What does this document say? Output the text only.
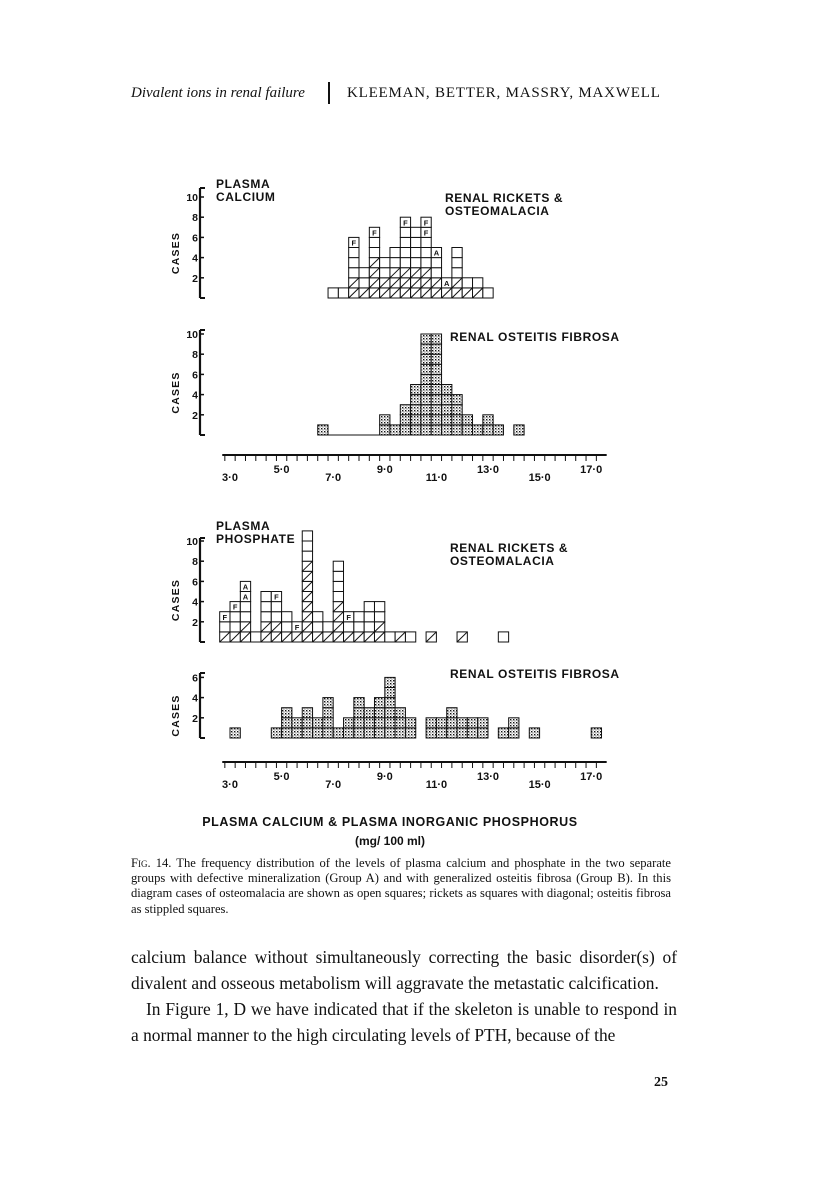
Divalent ions in renal failure	KLEEMAN, BETTER, MASSRY, MAXWELL
2
4
6
8
10
CASES
PLASMA CALCIUM	RENAL RICKETS & OSTEOMALACIA
F
F
F F
F
A
A
2
4
6
8
10
CASES
RENAL OSTEITIS FIBROSA
2
4
6
8
10
CASES
PLASMA PHOSPHATE
RENAL RICKETS & OSTEOMALACIA
F
F
A
A	F
F
F
2
4
6
CASES
RENAL OSTEITIS FIBROSA
3·0	7·0	11·0	15·0
5·0	9·0	13·0	17·0
3·0	7·0	11·0	15·0
5·0	9·0	13·0	17·0
PLASMA CALCIUM & PLASMA INORGANIC PHOSPHORUS
(mg/ 100 ml)
Fig. 14. The frequency distribution of the levels of plasma calcium and phosphate in the two separate groups with defective mineralization (Group A) and with generalized osteitis fibrosa (Group B). In this diagram cases of osteomalacia are shown as open squares; rickets as squares with diagonal; osteitis fibrosa as stippled squares.

calcium balance without simultaneously correcting the basic disorder(s) of divalent and osseous metabolism will aggravate the metastatic calcification.

In Figure 1, D we have indicated that if the skeleton is unable to respond in a normal manner to the high circulating levels of PTH, because of the

25
